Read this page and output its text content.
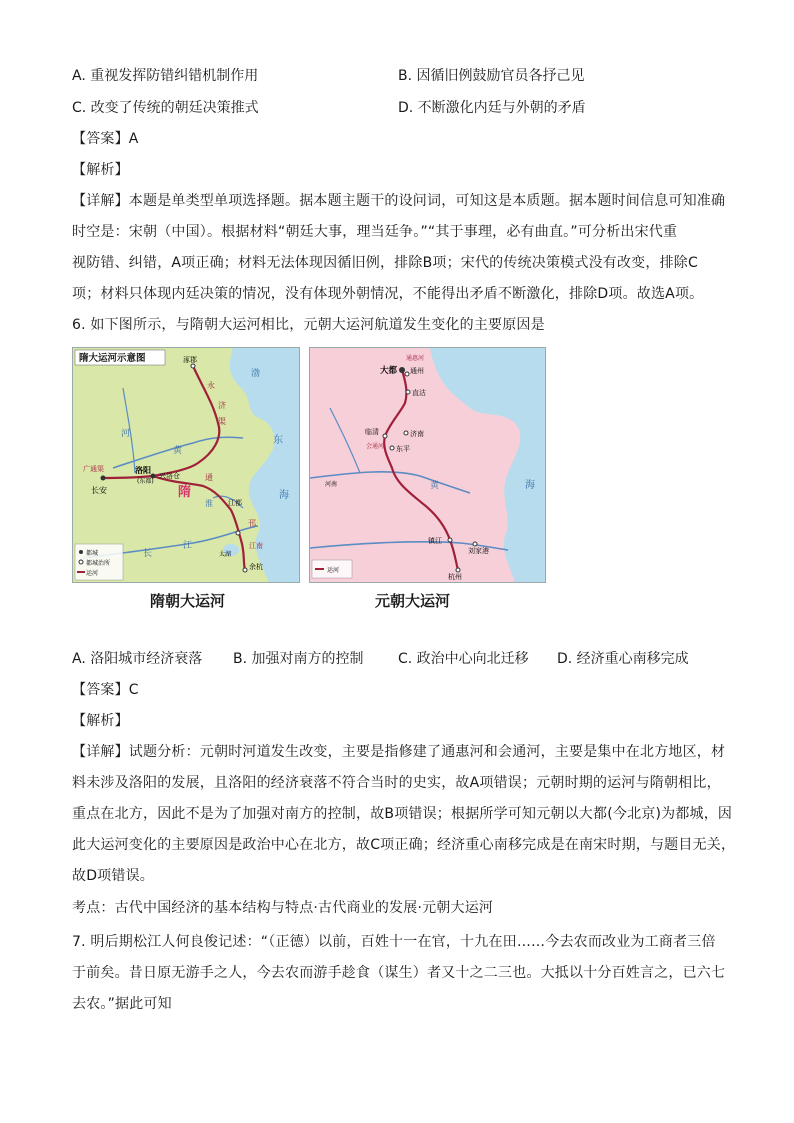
A. 重视发挥防错纠错机制作用	B. 因循旧例鼓励官员各抒己见
C. 改变了传统的朝廷决策推式	D. 不断激化内廷与外朝的矛盾
【答案】A
【解析】
【详解】本题是单类型单项选择题。据本题主题干的设问词，可知这是本质题。据本题时间信息可知准确
时空是：宋朝（中国）。根据材料“朝廷大事，理当廷争。”“其于事理，必有曲直。”可分析出宋代重
视防错、纠错，A项正确；材料无法体现因循旧例，排除B项；宋代的传统决策模式没有改变，排除C
项；材料只体现内廷决策的情况，没有体现外朝情况，不能得出矛盾不断激化，排除D项。故选A项。
6. 如下图所示，与隋朝大运河相比，元朝大运河航道发生变化的主要原因是
隋大运河示意图	涿郡
洛阳
(东都)
长安
兴洛仓
江都
余杭
太湖
黄
河
东
海
渤
淮
长
江
永
济
渠
通
邗
江南
广通渠
隋
都城
都城治所
运河
隋朝大运河
大都 通州
通惠河
直沽
临清	济南
会通河 东平
镇江
刘家港
杭州
河南	黄	海
运河
元朝大运河
A. 洛阳城市经济衰落 B. 加强对南方的控制 C. 政治中心向北迁移 D. 经济重心南移完成
【答案】C
【解析】
【详解】试题分析：元朝时河道发生改变，主要是指修建了通惠河和会通河，主要是集中在北方地区，材
料未涉及洛阳的发展，且洛阳的经济衰落不符合当时的史实，故A项错误；元朝时期的运河与隋朝相比，
重点在北方，因此不是为了加强对南方的控制，故B项错误；根据所学可知元朝以大都(今北京)为都城，因
此大运河变化的主要原因是政治中心在北方，故C项正确；经济重心南移完成是在南宋时期，与题目无关，
故D项错误。
考点：古代中国经济的基本结构与特点·古代商业的发展·元朝大运河
7. 明后期松江人何良俊记述：“（正德）以前，百姓十一在官，十九在田……今去农而改业为工商者三倍
于前矣。昔日原无游手之人，今去农而游手趁食（谋生）者又十之二三也。大抵以十分百姓言之，已六七
去农。”据此可知
